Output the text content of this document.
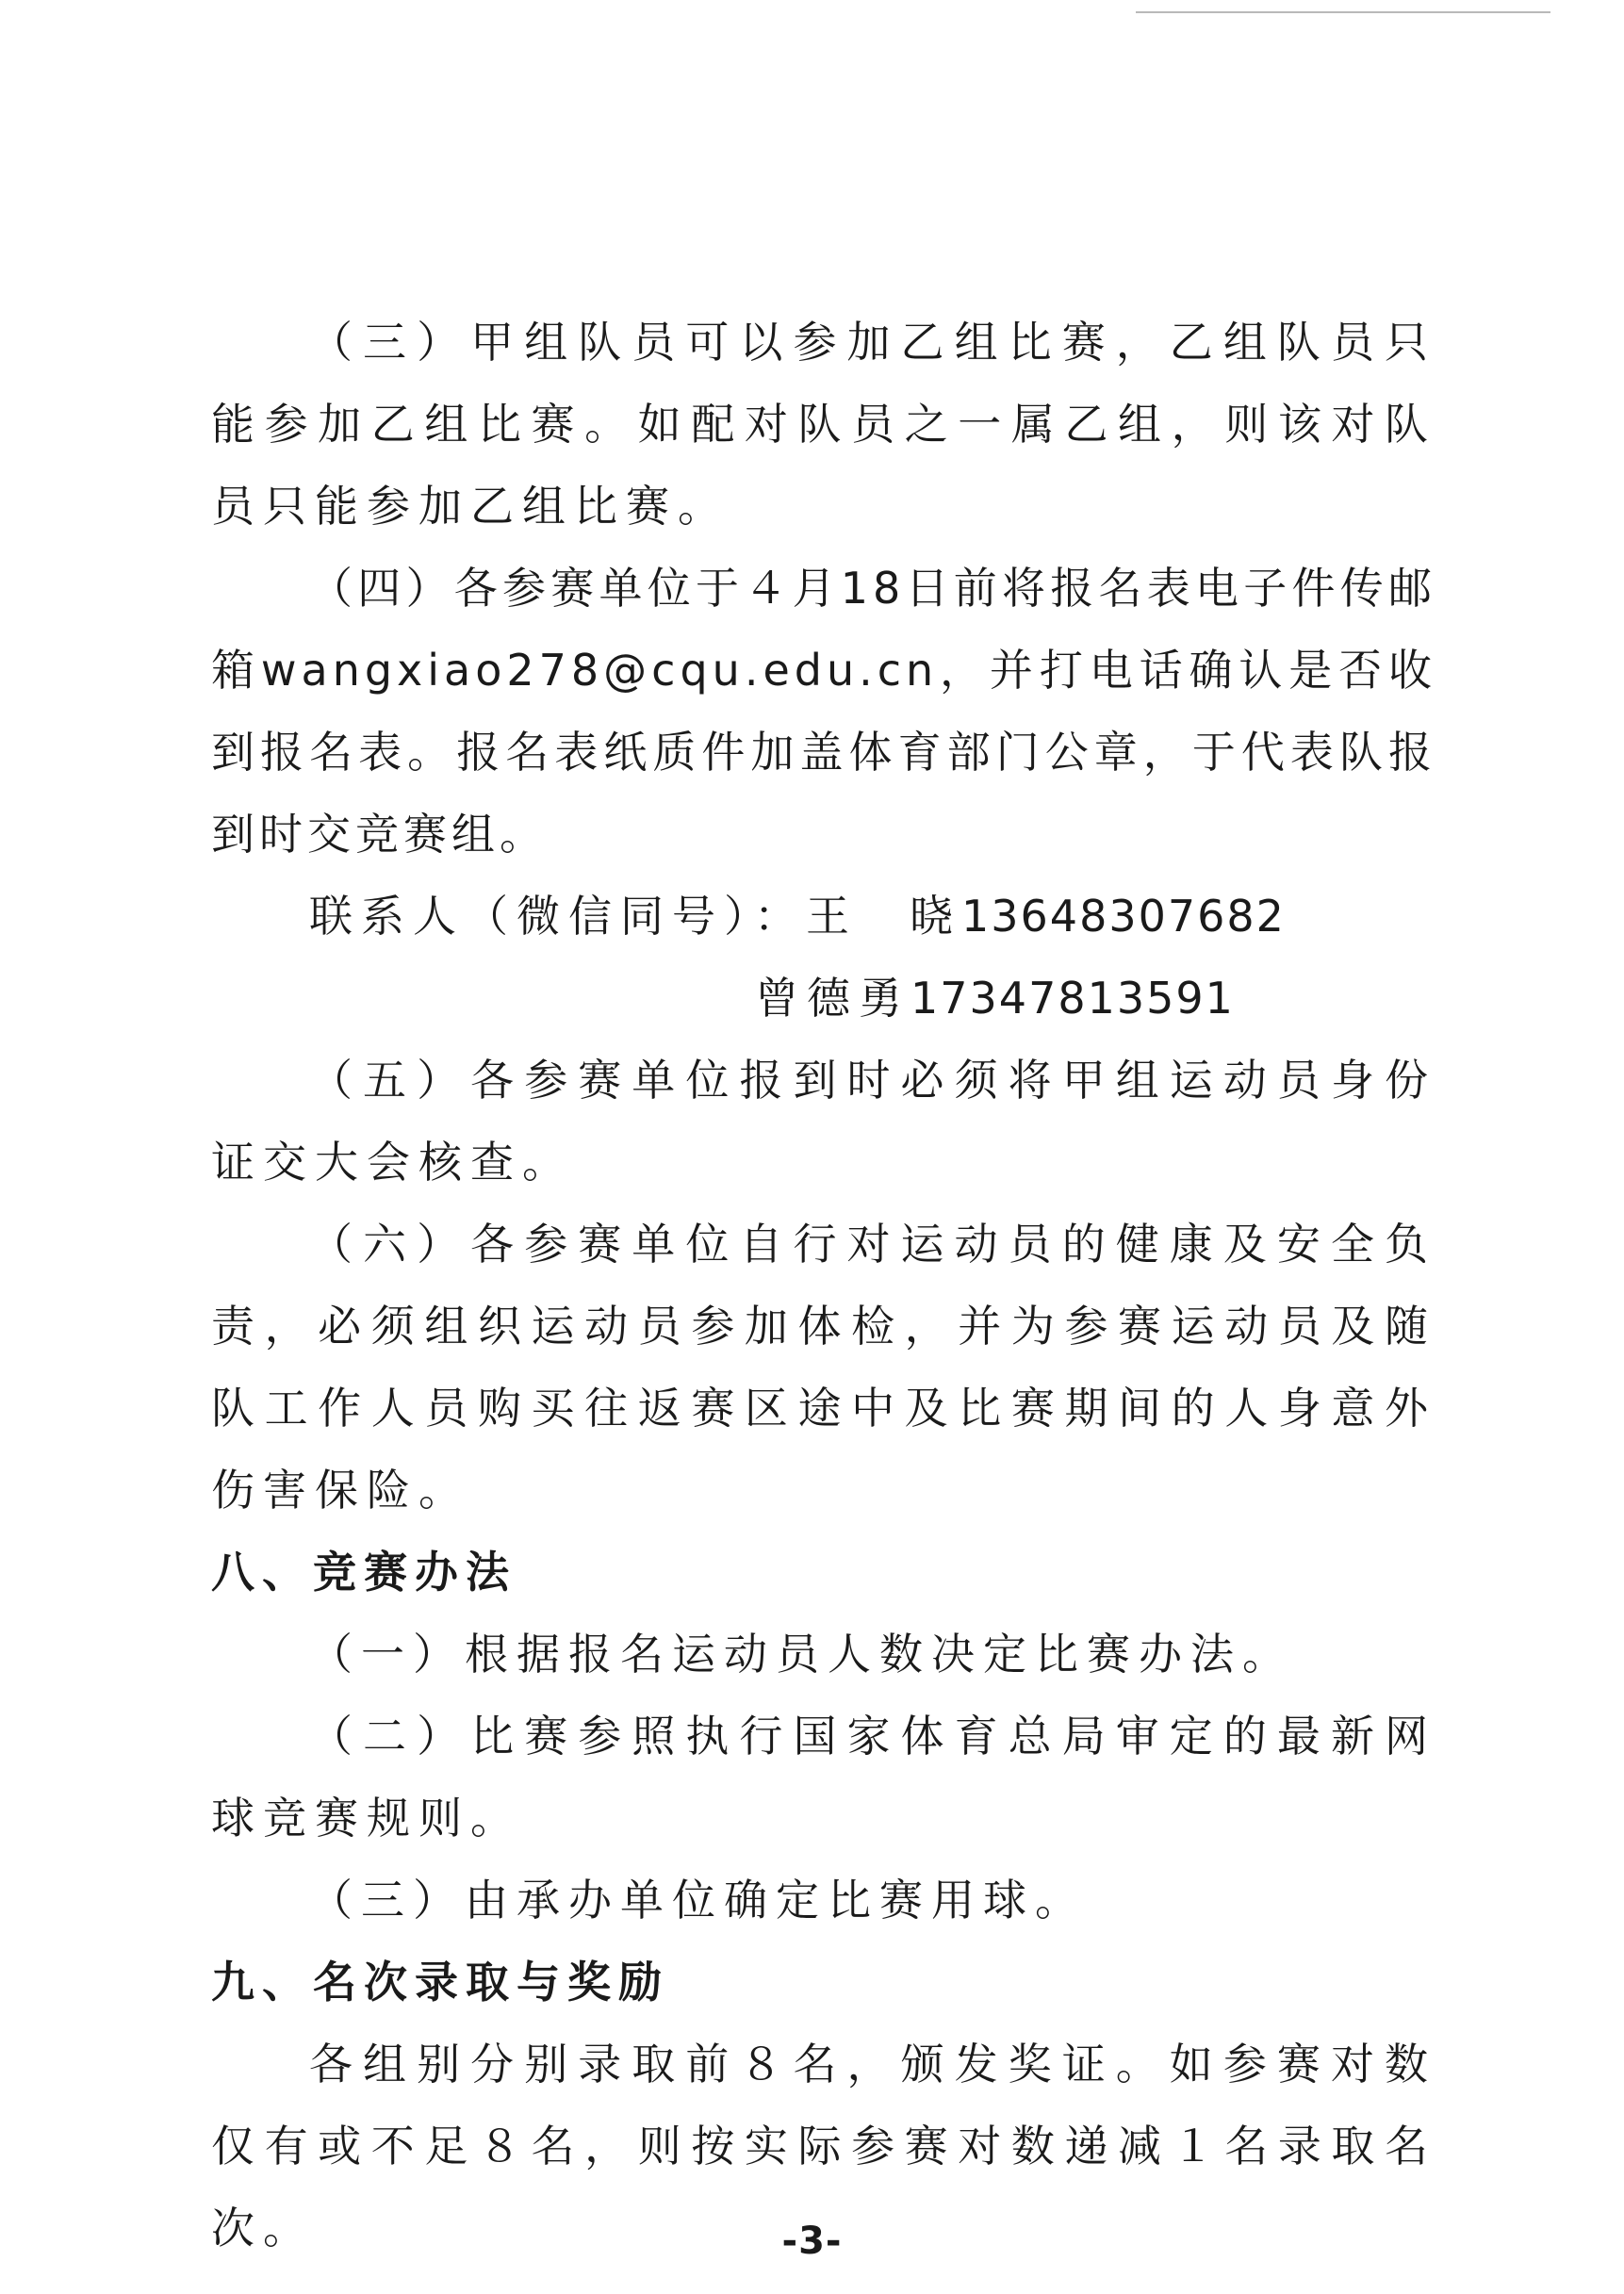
（三）甲组队员可以参加乙组比赛，乙组队员只能参加乙组比赛。如配对队员之一属乙组，则该对队员只能参加乙组比赛。

（四）各参赛单位于４月18日前将报名表电子件传邮箱wangxiao278@cqu.edu.cn，并打电话确认是否收到报名表。报名表纸质件加盖体育部门公章，于代表队报到时交竞赛组。

联系人（微信同号）：王　晓13648307682

曾德勇17347813591

（五）各参赛单位报到时必须将甲组运动员身份证交大会核查。

（六）各参赛单位自行对运动员的健康及安全负责，必须组织运动员参加体检，并为参赛运动员及随队工作人员购买往返赛区途中及比赛期间的人身意外伤害保险。

八、竞赛办法

（一）根据报名运动员人数决定比赛办法。

（二）比赛参照执行国家体育总局审定的最新网球竞赛规则。

（三）由承办单位确定比赛用球。

九、名次录取与奖励

各组别分别录取前８名，颁发奖证。如参赛对数仅有或不足８名，则按实际参赛对数递减１名录取名次。	-3-
